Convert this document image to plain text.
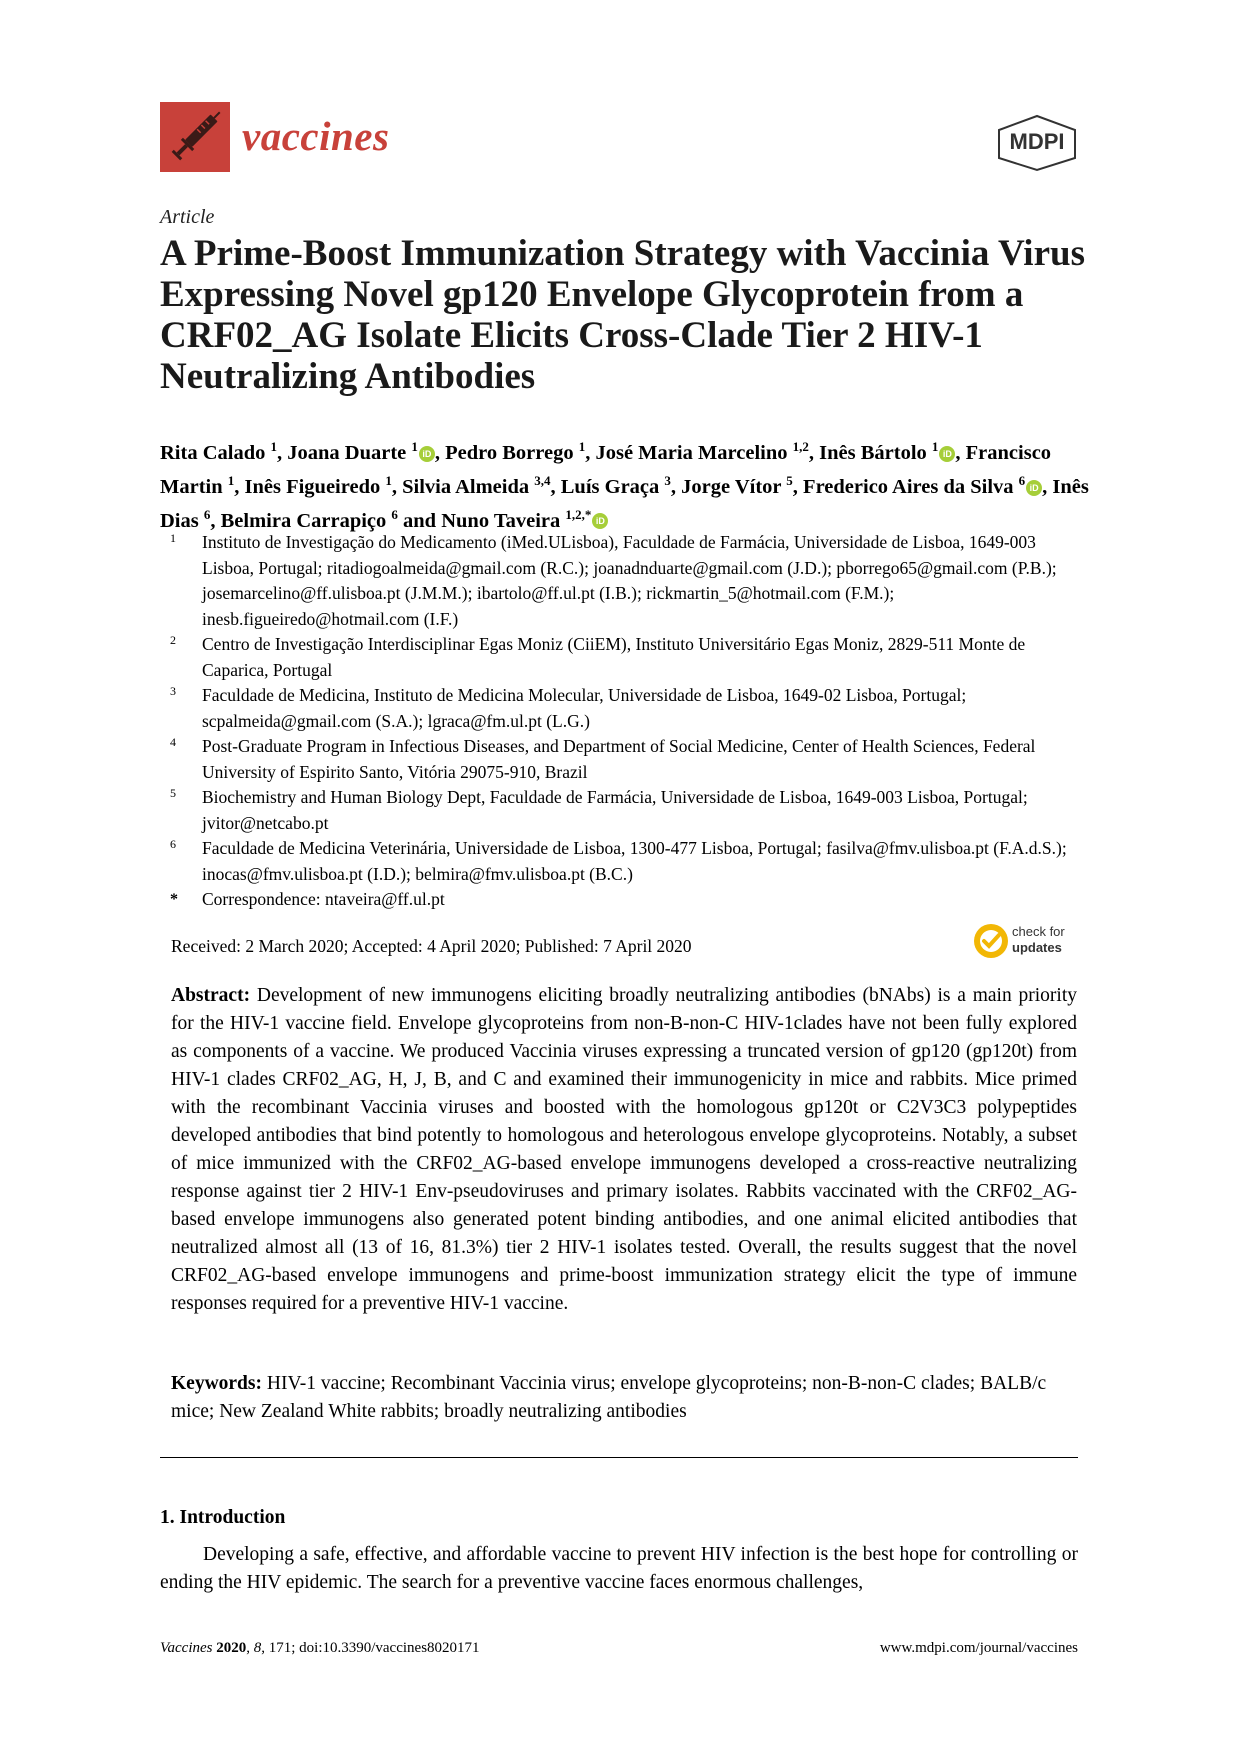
vaccines	MDPI
Article
A Prime-Boost Immunization Strategy with Vaccinia Virus Expressing Novel gp120 Envelope Glycoprotein from a CRF02_AG Isolate Elicits Cross-Clade Tier 2 HIV-1 Neutralizing Antibodies

Rita Calado $^1$, Joana Duarte $^1$ iD , Pedro Borrego $^1$, José Maria Marcelino $^{1,2}$, Inês Bártolo $^1$ iD , Francisco Martin $^1$, Inês Figueiredo $^1$, Silvia Almeida $^{3,4}$, Luís Graça $^3$, Jorge Vítor $^5$, Frederico Aires da Silva $^6$ iD , Inês Dias $^6$, Belmira Carrapiço $^6$ and Nuno Taveira $^{1,2,*}$ iD

1 Instituto de Investigação do Medicamento (iMed.ULisboa), Faculdade de Farmácia, Universidade de Lisboa, 1649-003 Lisboa, Portugal; ritadiogoalmeida@gmail.com (R.C.); joanadnduarte@gmail.com (J.D.); pborrego65@gmail.com (P.B.); josemarcelino@ff.ulisboa.pt (J.M.M.); ibartolo@ff.ul.pt (I.B.); rickmartin_5@hotmail.com (F.M.); inesb.figueiredo@hotmail.com (I.F.)
2 Centro de Investigação Interdisciplinar Egas Moniz (CiiEM), Instituto Universitário Egas Moniz, 2829-511 Monte de Caparica, Portugal
3 Faculdade de Medicina, Instituto de Medicina Molecular, Universidade de Lisboa, 1649-02 Lisboa, Portugal; scpalmeida@gmail.com (S.A.); lgraca@fm.ul.pt (L.G.)
4 Post-Graduate Program in Infectious Diseases, and Department of Social Medicine, Center of Health Sciences, Federal University of Espirito Santo, Vitória 29075-910, Brazil
5 Biochemistry and Human Biology Dept, Faculdade de Farmácia, Universidade de Lisboa, 1649-003 Lisboa, Portugal; jvitor@netcabo.pt
6 Faculdade de Medicina Veterinária, Universidade de Lisboa, 1300-477 Lisboa, Portugal; fasilva@fmv.ulisboa.pt (F.A.d.S.); inocas@fmv.ulisboa.pt (I.D.); belmira@fmv.ulisboa.pt (B.C.)
* Correspondence: ntaveira@ff.ul.pt
Received: 2 March 2020; Accepted: 4 April 2020; Published: 7 April 2020
check for
updates

Abstract: Development of new immunogens eliciting broadly neutralizing antibodies (bNAbs) is a main priority for the HIV-1 vaccine field. Envelope glycoproteins from non-B-non-C HIV-1clades have not been fully explored as components of a vaccine. We produced Vaccinia viruses expressing a truncated version of gp120 (gp120t) from HIV-1 clades CRF02_AG, H, J, B, and C and examined their immunogenicity in mice and rabbits. Mice primed with the recombinant Vaccinia viruses and boosted with the homologous gp120t or C2V3C3 polypeptides developed antibodies that bind potently to homologous and heterologous envelope glycoproteins. Notably, a subset of mice immunized with the CRF02_AG-based envelope immunogens developed a cross-reactive neutralizing response against tier 2 HIV-1 Env-pseudoviruses and primary isolates. Rabbits vaccinated with the CRF02_AG-based envelope immunogens also generated potent binding antibodies, and one animal elicited antibodies that neutralized almost all (13 of 16, 81.3%) tier 2 HIV-1 isolates tested. Overall, the results suggest that the novel CRF02_AG-based envelope immunogens and prime-boost immunization strategy elicit the type of immune responses required for a preventive HIV-1 vaccine.

Keywords: HIV-1 vaccine; Recombinant Vaccinia virus; envelope glycoproteins; non-B-non-C clades; BALB/c mice; New Zealand White rabbits; broadly neutralizing antibodies

1. Introduction

Developing a safe, effective, and affordable vaccine to prevent HIV infection is the best hope for controlling or ending the HIV epidemic. The search for a preventive vaccine faces enormous challenges,

Vaccines 2020, 8, 171; doi:10.3390/vaccines8020171	www.mdpi.com/journal/vaccines
